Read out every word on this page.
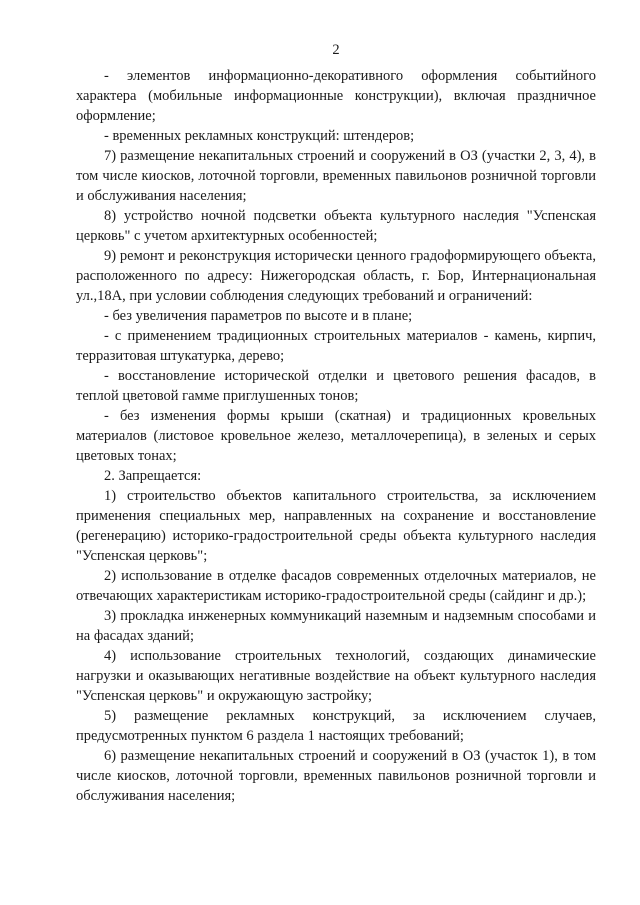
2

- элементов информационно-декоративного оформления событийного характера (мобильные информационные конструкции), включая праздничное оформление;

- временных рекламных конструкций: штендеров;

7) размещение некапитальных строений и сооружений в ОЗ (участки 2, 3, 4), в том числе киосков, лоточной торговли, временных павильонов розничной торговли и обслуживания населения;

8) устройство ночной подсветки объекта культурного наследия "Успенская церковь" с учетом архитектурных особенностей;

9) ремонт и реконструкция исторически ценного градоформирующего объекта, расположенного по адресу: Нижегородская область, г. Бор, Интернациональная ул.,18А, при условии соблюдения следующих требований и ограничений:

- без увеличения параметров по высоте и в плане;

- с применением традиционных строительных материалов - камень, кирпич, терразитовая штукатурка, дерево;

- восстановление исторической отделки и цветового решения фасадов, в теплой цветовой гамме приглушенных тонов;

- без изменения формы крыши (скатная) и традиционных кровельных материалов (листовое кровельное железо, металлочерепица), в зеленых и серых цветовых тонах;

2. Запрещается:

1) строительство объектов капитального строительства, за исключением применения специальных мер, направленных на сохранение и восстановление (регенерацию) историко-градостроительной среды объекта культурного наследия "Успенская церковь";

2) использование в отделке фасадов современных отделочных материалов, не отвечающих характеристикам историко-градостроительной среды (сайдинг и др.);

3) прокладка инженерных коммуникаций наземным и надземным способами и на фасадах зданий;

4) использование строительных технологий, создающих динамические нагрузки и оказывающих негативные воздействие на объект культурного наследия "Успенская церковь" и окружающую застройку;

5) размещение рекламных конструкций, за исключением случаев, предусмотренных пунктом 6 раздела 1 настоящих требований;

6) размещение некапитальных строений и сооружений в ОЗ (участок 1), в том числе киосков, лоточной торговли, временных павильонов розничной торговли и обслуживания населения;
